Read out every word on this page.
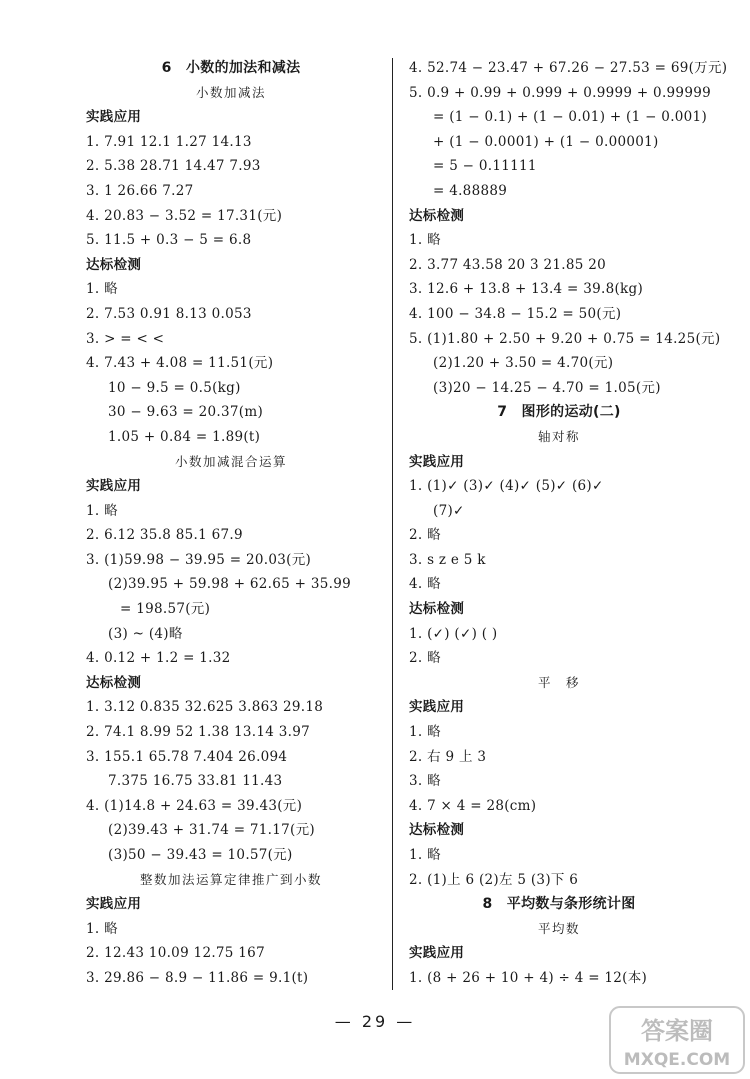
6　小数的加法和减法
小数加减法
实践应用
1. 7.91 12.1 1.27 14.13
2. 5.38 28.71 14.47 7.93
3. 1 26.66 7.27
4. 20.83 − 3.52 = 17.31(元)
5. 11.5 + 0.3 − 5 = 6.8
达标检测
1. 略
2. 7.53 0.91 8.13 0.053
3. > = < <
4. 7.43 + 4.08 = 11.51(元)
10 − 9.5 = 0.5(kg)
30 − 9.63 = 20.37(m)
1.05 + 0.84 = 1.89(t)
小数加减混合运算
实践应用
1. 略
2. 6.12 35.8 85.1 67.9
3. (1)59.98 − 39.95 = 20.03(元)
(2)39.95 + 59.98 + 62.65 + 35.99
= 198.57(元)
(3) ~ (4)略
4. 0.12 + 1.2 = 1.32
达标检测
1. 3.12 0.835 32.625 3.863 29.18
2. 74.1 8.99 52 1.38 13.14 3.97
3. 155.1 65.78 7.404 26.094
7.375 16.75 33.81 11.43
4. (1)14.8 + 24.63 = 39.43(元)
(2)39.43 + 31.74 = 71.17(元)
(3)50 − 39.43 = 10.57(元)
整数加法运算定律推广到小数
实践应用
1. 略
2. 12.43 10.09 12.75 167
3. 29.86 − 8.9 − 11.86 = 9.1(t)
4. 52.74 − 23.47 + 67.26 − 27.53 = 69(万元)
5. 0.9 + 0.99 + 0.999 + 0.9999 + 0.99999
= (1 − 0.1) + (1 − 0.01) + (1 − 0.001)
+ (1 − 0.0001) + (1 − 0.00001)
= 5 − 0.11111
= 4.88889
达标检测
1. 略
2. 3.77 43.58 20 3 21.85 20
3. 12.6 + 13.8 + 13.4 = 39.8(kg)
4. 100 − 34.8 − 15.2 = 50(元)
5. (1)1.80 + 2.50 + 9.20 + 0.75 = 14.25(元)
(2)1.20 + 3.50 = 4.70(元)
(3)20 − 14.25 − 4.70 = 1.05(元)
7　图形的运动(二)
轴对称
实践应用
1. (1)✓ (3)✓ (4)✓ (5)✓ (6)✓
(7)✓
2. 略
3. s z e 5 k
4. 略
达标检测
1. (✓) (✓) ( )
2. 略
平　移
实践应用
1. 略
2. 右 9 上 3
3. 略
4. 7 × 4 = 28(cm)
达标检测
1. 略
2. (1)上 6 (2)左 5 (3)下 6
8　平均数与条形统计图
平均数
实践应用
1. (8 + 26 + 10 + 4) ÷ 4 = 12(本)
— 29 —	答案圈
MXQE.COM
